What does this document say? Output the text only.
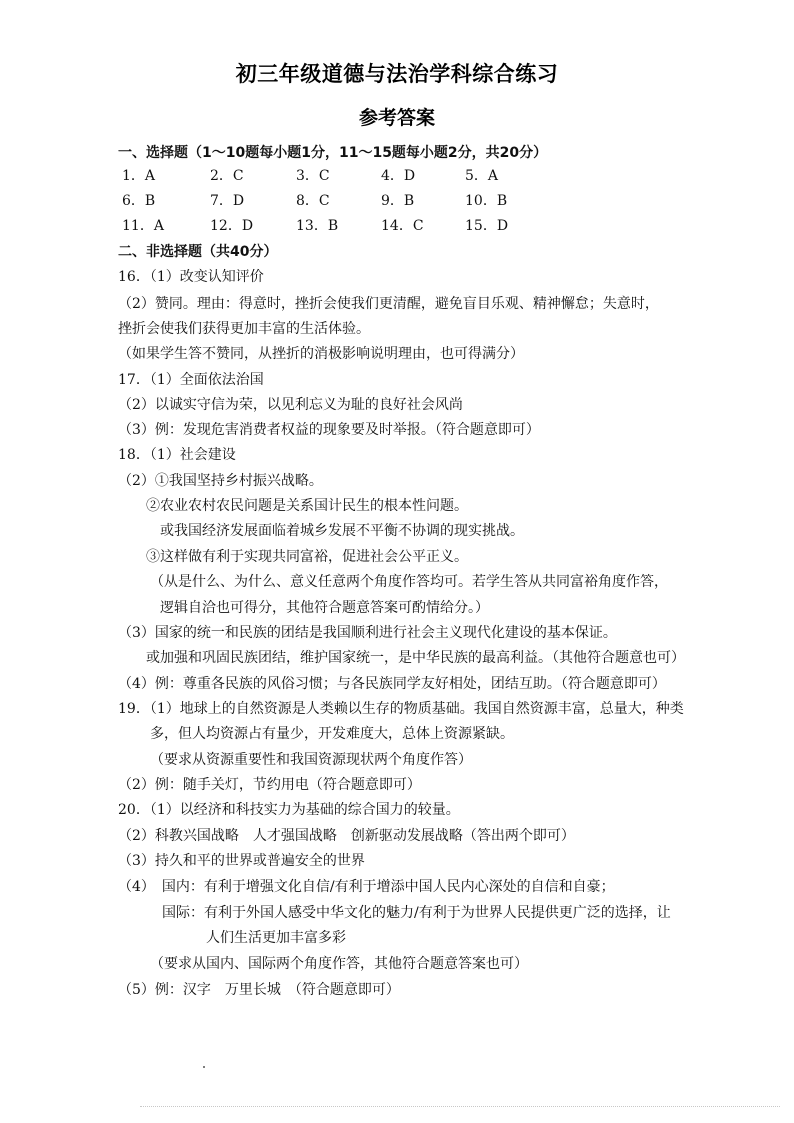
初三年级道德与法治学科综合练习
参考答案
一、选择题（1～10题每小题1分，11～15题每小题2分，共20分）
1．A	2．C	3．C	4．D	5．A
6．B	7．D	8．C	9．B	10．B
11．A	12．D	13．B	14．C	15．D
二、非选择题（共40分）
16．（1）改变认知评价
（2）赞同。理由：得意时，挫折会使我们更清醒，避免盲目乐观、精神懈怠；失意时，
挫折会使我们获得更加丰富的生活体验。
（如果学生答不赞同，从挫折的消极影响说明理由，也可得满分）
17．（1）全面依法治国
（2）以诚实守信为荣，以见利忘义为耻的良好社会风尚
（3）例：发现危害消费者权益的现象要及时举报。（符合题意即可）
18．（1）社会建设
（2）①我国坚持乡村振兴战略。
②农业农村农民问题是关系国计民生的根本性问题。
或我国经济发展面临着城乡发展不平衡不协调的现实挑战。
③这样做有利于实现共同富裕，促进社会公平正义。
（从是什么、为什么、意义任意两个角度作答均可。若学生答从共同富裕角度作答，
逻辑自洽也可得分，其他符合题意答案可酌情给分。）
（3）国家的统一和民族的团结是我国顺利进行社会主义现代化建设的基本保证。
或加强和巩固民族团结，维护国家统一，是中华民族的最高利益。（其他符合题意也可）
（4）例：尊重各民族的风俗习惯；与各民族同学友好相处，团结互助。（符合题意即可）
19．（1）地球上的自然资源是人类赖以生存的物质基础。我国自然资源丰富，总量大，种类
多，但人均资源占有量少，开发难度大，总体上资源紧缺。
（要求从资源重要性和我国资源现状两个角度作答）
（2）例：随手关灯，节约用电（符合题意即可）
20．（1）以经济和科技实力为基础的综合国力的较量。
（2）科教兴国战略　人才强国战略　创新驱动发展战略（答出两个即可）
（3）持久和平的世界或普遍安全的世界
（4）　国内：有利于增强文化自信/有利于增添中国人民内心深处的自信和自豪；
国际：有利于外国人感受中华文化的魅力/有利于为世界人民提供更广泛的选择，让
人们生活更加丰富多彩
（要求从国内、国际两个角度作答，其他符合题意答案也可）
（5）例：汉字　万里长城　（符合题意即可）
